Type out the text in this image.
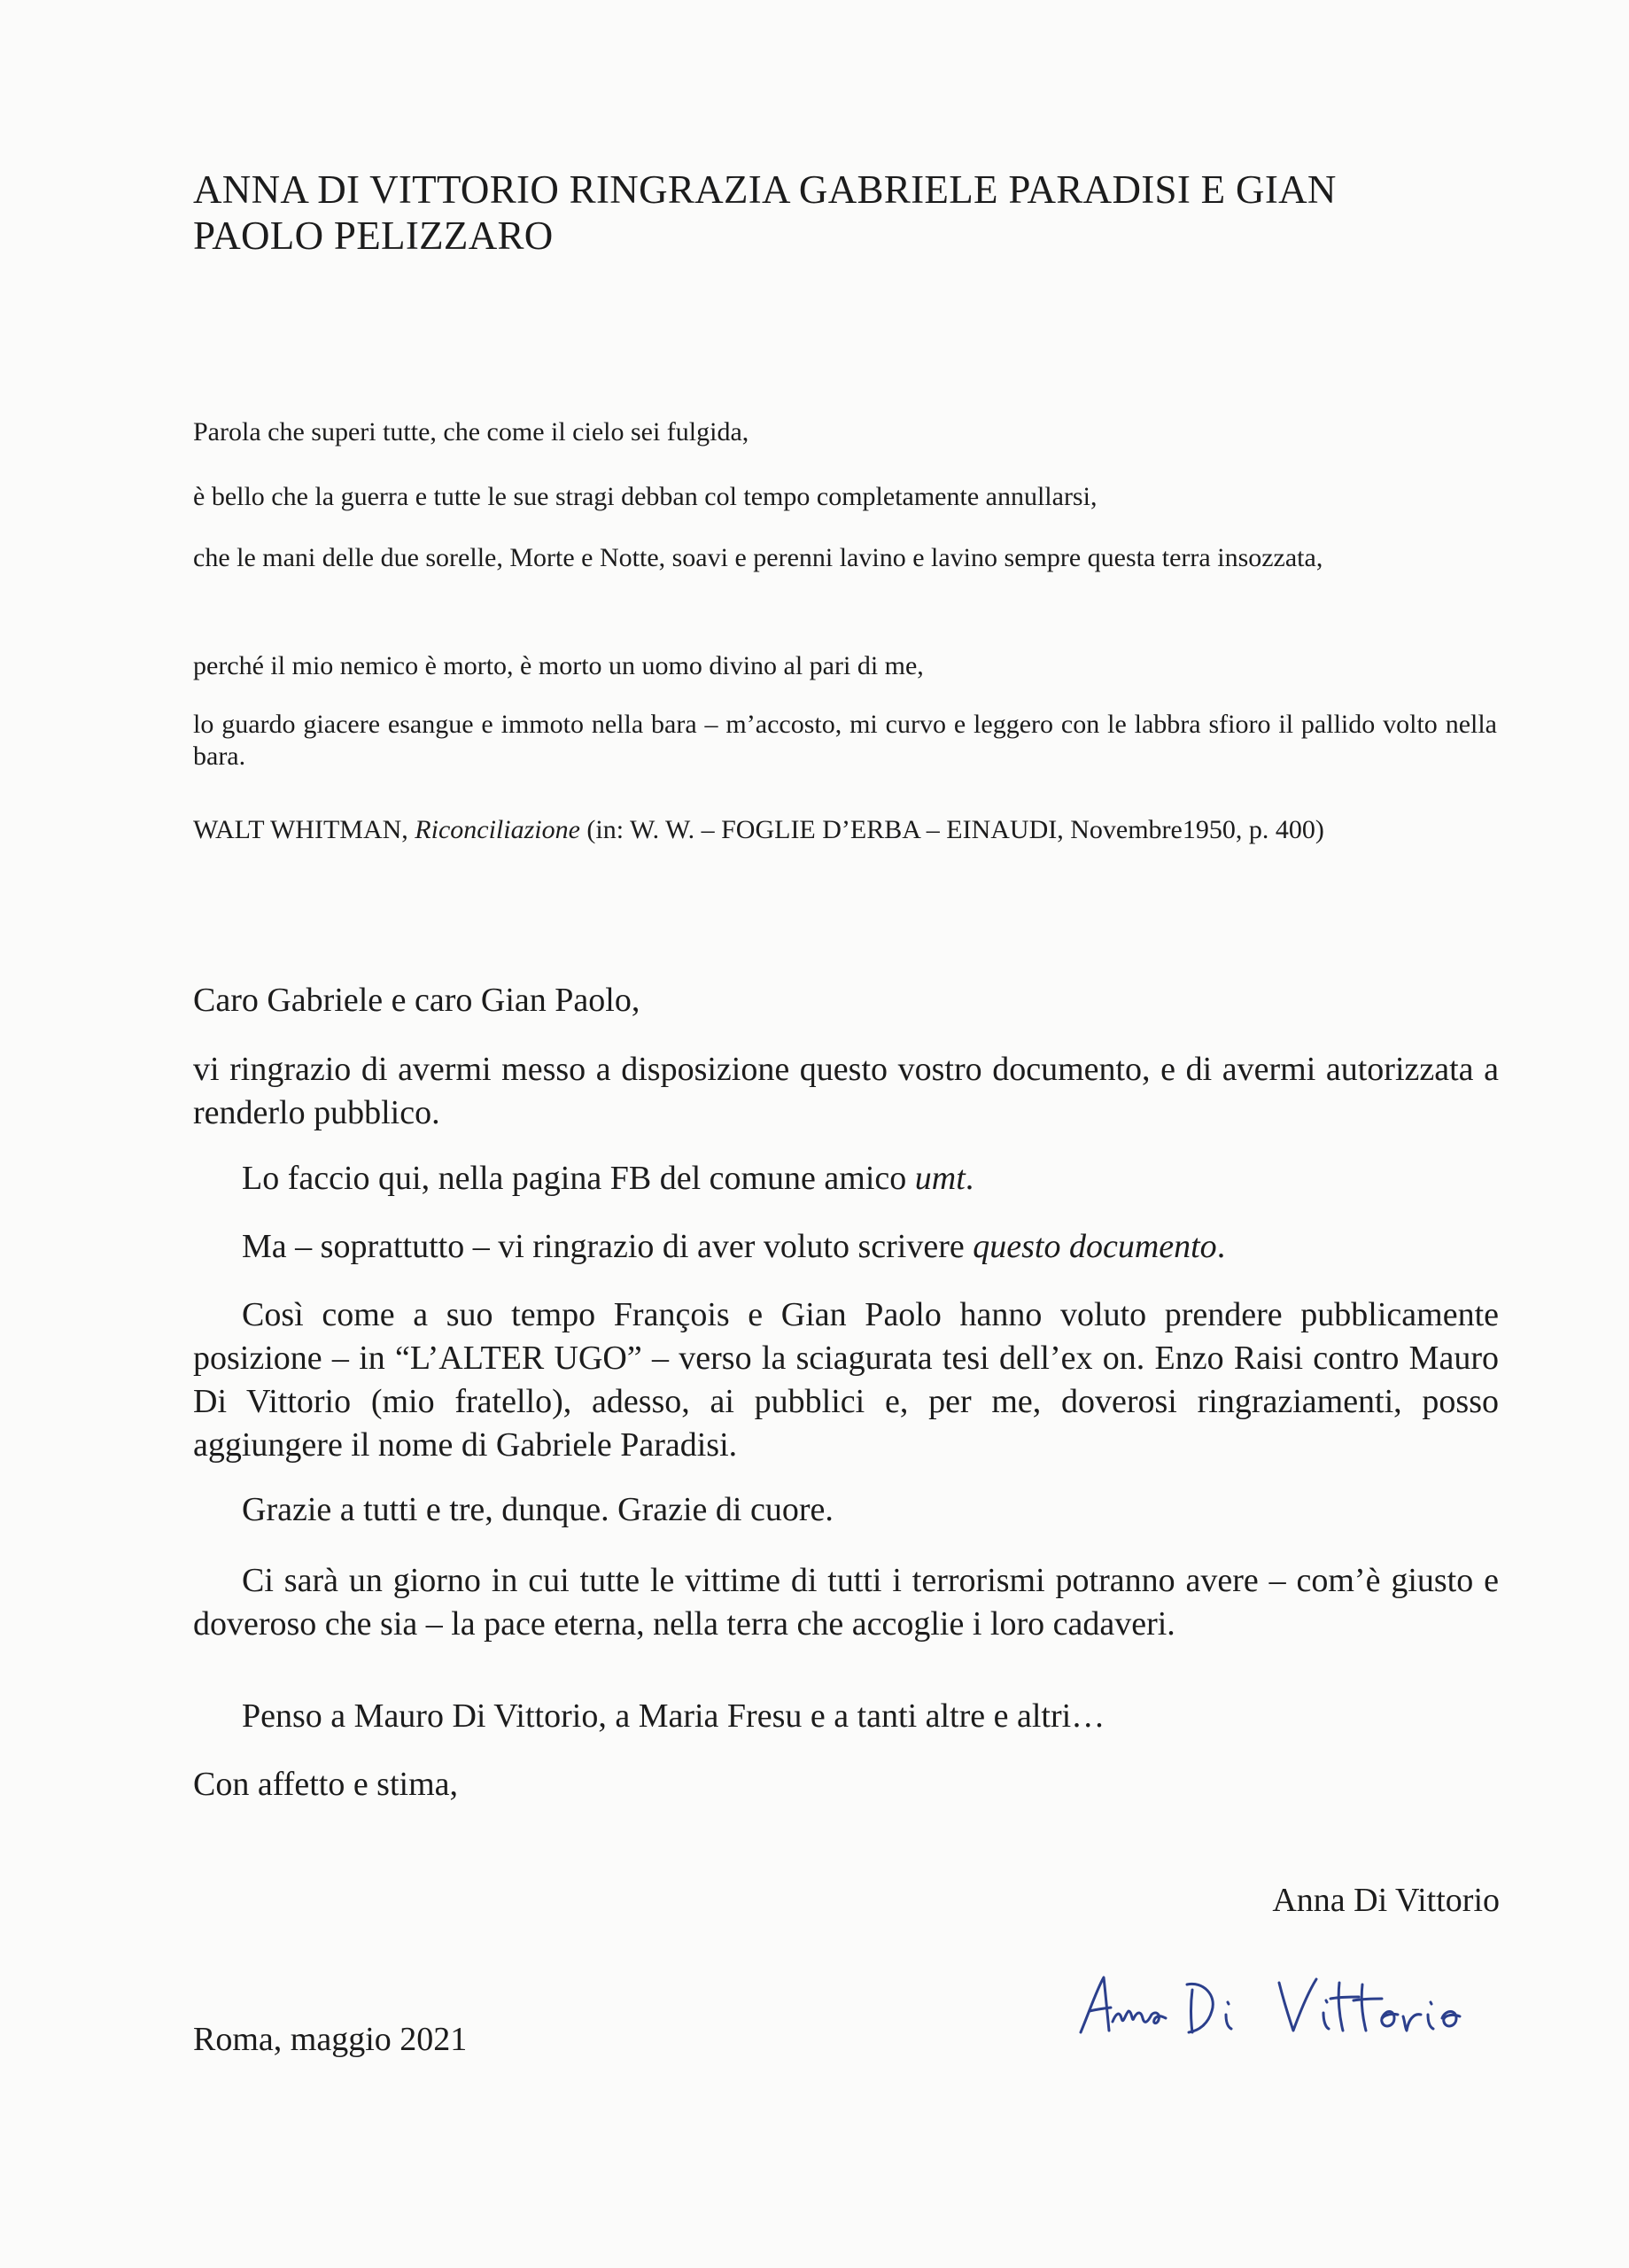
ANNA DI VITTORIO RINGRAZIA GABRIELE PARADISI E GIAN
PAOLO PELIZZARO

Parola che superi tutte, che come il cielo sei fulgida,

è bello che la guerra e tutte le sue stragi debban col tempo completamente annullarsi,

che le mani delle due sorelle, Morte e Notte, soavi e perenni lavino e lavino sempre questa terra insozzata,

perché il mio nemico è morto, è morto un uomo divino al pari di me,

lo guardo giacere esangue e immoto nella bara – m’accosto, mi curvo e leggero con le labbra sfioro il pallido volto nella bara.

WALT WHITMAN, Riconciliazione (in: W. W. – FOGLIE D’ERBA – EINAUDI, Novembre1950, p. 400)

Caro Gabriele e caro Gian Paolo,

vi ringrazio di avermi messo a disposizione questo vostro documento, e di avermi autorizzata a renderlo pubblico.

Lo faccio qui, nella pagina FB del comune amico umt.

Ma – soprattutto – vi ringrazio di aver voluto scrivere questo documento.

Così come a suo tempo François e Gian Paolo hanno voluto prendere pubblicamente posizione – in “L’ALTER UGO” – verso la sciagurata tesi dell’ex on. Enzo Raisi contro Mauro Di Vittorio (mio fratello), adesso, ai pubblici e, per me, doverosi ringraziamenti, posso aggiungere il nome di Gabriele Paradisi.

Grazie a tutti e tre, dunque. Grazie di cuore.

Ci sarà un giorno in cui tutte le vittime di tutti i terrorismi potranno avere – com’è giusto e doveroso che sia – la pace eterna, nella terra che accoglie i loro cadaveri.

Penso a Mauro Di Vittorio, a Maria Fresu e a tanti altre e altri…

Con affetto e stima,

Anna Di Vittorio

Roma, maggio 2021
